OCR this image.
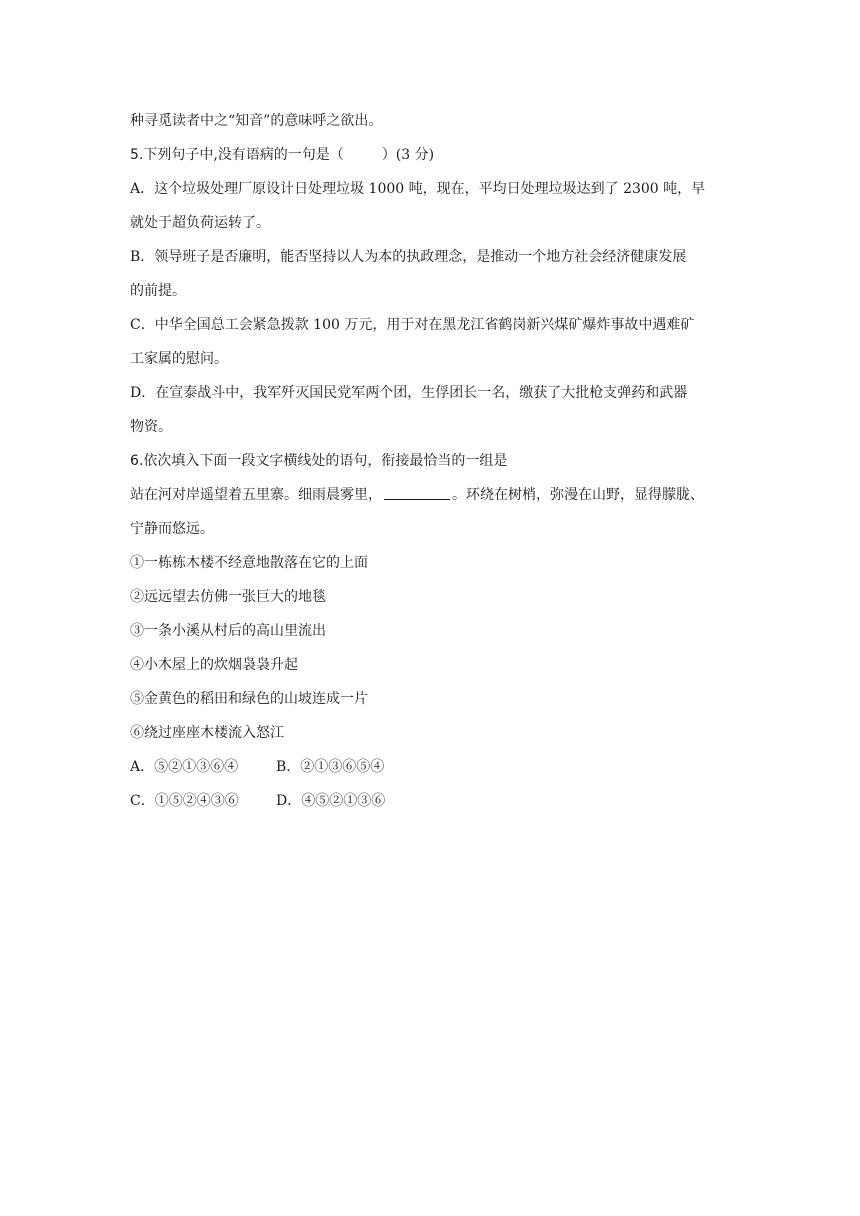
种寻觅读者中之“知音”的意味呼之欲出。
5.下列句子中,没有语病的一句是（	）(3 分)
A．这个垃圾处理厂原设计日处理垃圾 1000 吨，现在，平均日处理垃圾达到了 2300 吨，早
就处于超负荷运转了。
B．领导班子是否廉明，能否坚持以人为本的执政理念，是推动一个地方社会经济健康发展
的前提。
C．中华全国总工会紧急拨款 100 万元，用于对在黑龙江省鹤岗新兴煤矿爆炸事故中遇难矿
工家属的慰问。
D．在宣泰战斗中，我军歼灭国民党军两个团，生俘团长一名，缴获了大批枪支弹药和武器
物资。
6.依次填入下面一段文字横线处的语句，衔接最恰当的一组是
站在河对岸遥望着五里寨。细雨晨雾里，	。环绕在树梢，弥漫在山野，显得朦胧、
宁静而悠远。
①一栋栋木楼不经意地散落在它的上面
②远远望去仿佛一张巨大的地毯
③一条小溪从村后的高山里流出
④小木屋上的炊烟袅袅升起
⑤金黄色的稻田和绿色的山坡连成一片
⑥绕过座座木楼流入怒江
A．⑤②①③⑥④	B．②①③⑥⑤④
C．①⑤②④③⑥	D．④⑤②①③⑥
